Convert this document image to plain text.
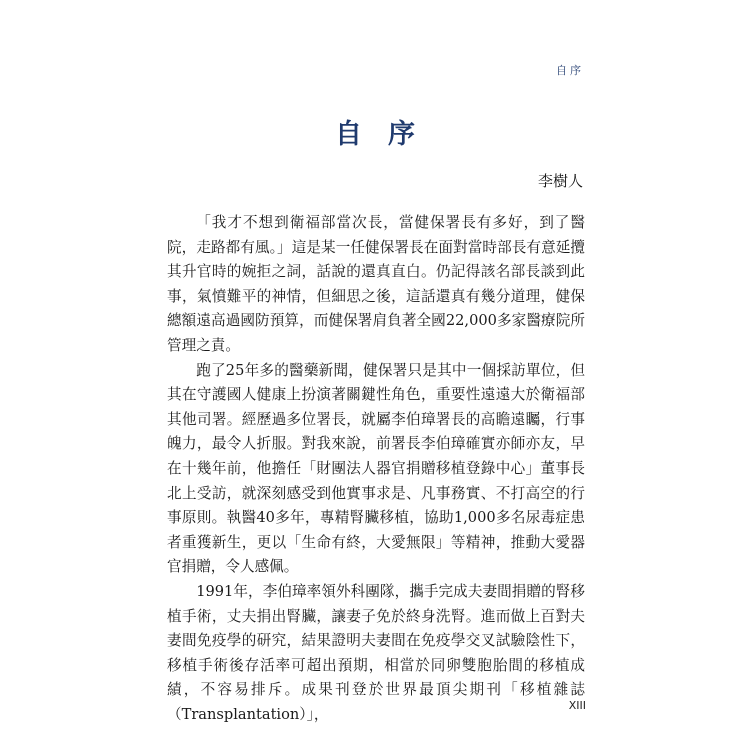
自序
自序
李樹人

「我才不想到衛福部當次長，當健保署長有多好，到了醫院，走路都有風。」這是某一任健保署長在面對當時部長有意延攬其升官時的婉拒之詞，話說的還真直白。仍記得該名部長談到此事，氣憤難平的神情，但細思之後，這話還真有幾分道理，健保總額遠高過國防預算，而健保署肩負著全國22,000多家醫療院所管理之責。

跑了25年多的醫藥新聞，健保署只是其中一個採訪單位，但其在守護國人健康上扮演著關鍵性角色，重要性遠遠大於衛福部其他司署。經歷過多位署長，就屬李伯璋署長的高瞻遠矚，行事魄力，最令人折服。對我來說，前署長李伯璋確實亦師亦友，早在十幾年前，他擔任「財團法人器官捐贈移植登錄中心」董事長北上受訪，就深刻感受到他實事求是、凡事務實、不打高空的行事原則。執醫40多年，專精腎臟移植，協助1,000多名尿毒症患者重獲新生，更以「生命有終，大愛無限」等精神，推動大愛器官捐贈，令人感佩。

1991年，李伯璋率領外科團隊，攜手完成夫妻間捐贈的腎移植手術，丈夫捐出腎臟，讓妻子免於終身洗腎。進而做上百對夫妻間免疫學的研究，結果證明夫妻間在免疫學交叉試驗陰性下，移植手術後存活率可超出預期，相當於同卵雙胞胎間的移植成績，不容易排斥。成果刊登於世界最頂尖期刊「移植雜誌（Transplantation）」，

XIII
